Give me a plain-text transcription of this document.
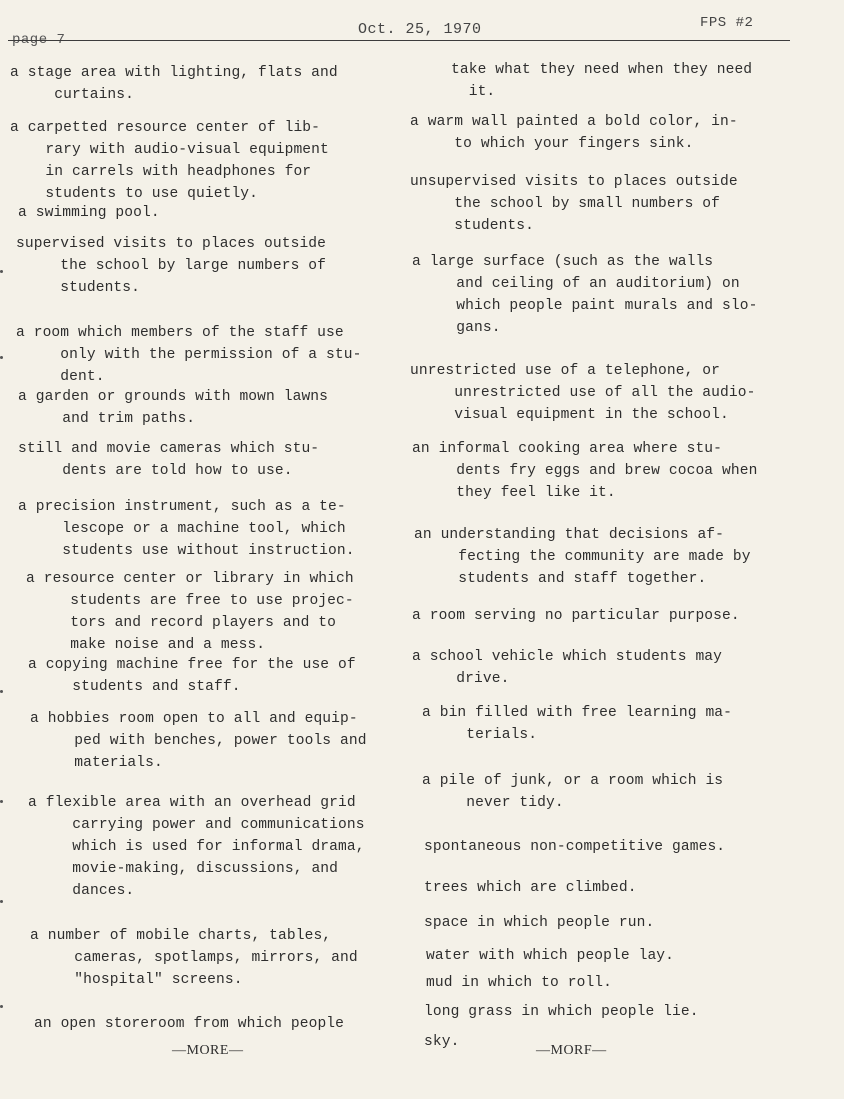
page 7
Oct. 25, 1970	FPS #2
a stage area with lighting, flats and
curtains.
a carpetted resource center of lib-
rary with audio-visual equipment
in carrels with headphones for
students to use quietly.
a swimming pool.
supervised visits to places outside
the school by large numbers of
students.
a room which members of the staff use
only with the permission of a stu-
dent.
a garden or grounds with mown lawns
and trim paths.
still and movie cameras which stu-
dents are told how to use.
a precision instrument, such as a te-
lescope or a machine tool, which
students use without instruction.
a resource center or library in which
students are free to use projec-
tors and record players and to
make noise and a mess.
a copying machine free for the use of
students and staff.
a hobbies room open to all and equip-
ped with benches, power tools and
materials.
a flexible area with an overhead grid
carrying power and communications
which is used for informal drama,
movie-making, discussions, and
dances.
a number of mobile charts, tables,
cameras, spotlamps, mirrors, and
"hospital" screens.
an open storeroom from which people
take what they need when they need
it.
a warm wall painted a bold color, in-
to which your fingers sink.
unsupervised visits to places outside
the school by small numbers of
students.
a large surface (such as the walls
and ceiling of an auditorium) on
which people paint murals and slo-
gans.
unrestricted use of a telephone, or
unrestricted use of all the audio-
visual equipment in the school.
an informal cooking area where stu-
dents fry eggs and brew cocoa when
they feel like it.
an understanding that decisions af-
fecting the community are made by
students and staff together.
a room serving no particular purpose.
a school vehicle which students may
drive.
a bin filled with free learning ma-
terials.
a pile of junk, or a room which is
never tidy.
spontaneous non-competitive games.
trees which are climbed.
space in which people run.
water with which people lay.
mud in which to roll.
long grass in which people lie.
sky.
—MORE—	—MORF—
